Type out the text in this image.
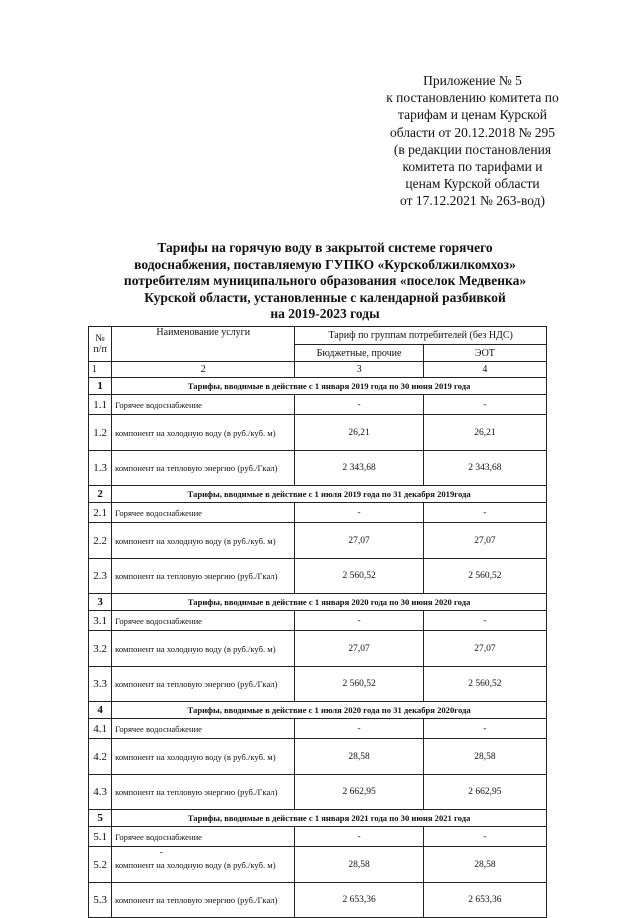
Приложение № 5
к постановлению комитета по
тарифам и ценам Курской
области от 20.12.2018 № 295
(в редакции постановления
комитета по тарифами и
ценам Курской области
от 17.12.2021 № 263-вод)
Тарифы на горячую воду в закрытой системе горячего
водоснабжения, поставляемую ГУПКО «Курскоблжилкомхоз»
потребителям муниципального образования «поселок Медвенка»
Курской области, установленные с календарной разбивкой
на 2019-2023 годы
№ п/п	Наименование услуги	Тариф по группам потребителей (без НДС)	
		Бюджетные, прочие	ЭОТ
1	2	3	4
1	Тарифы, вводимые в действие с 1 января 2019 года по 30 июня 2019 года		
1.1	Горячее водоснабжение	-	-
1.2	компонент на холодную воду (в руб./куб. м)	26,21	26,21
1.3	компонент на тепловую энергию (руб./Гкал)	2 343,68	2 343,68
2	Тарифы, вводимые в действие с 1 июля 2019 года по 31 декабря 2019года		
2.1	Горячее водоснабжение	-	-
2.2	компонент на холодную воду (в руб./куб. м)	27,07	27,07
2.3	компонент на тепловую энергию (руб./Гкал)	2 560,52	2 560,52
3	Тарифы, вводимые в действие с 1 января 2020 года по 30 июня 2020 года		
3.1	Горячее водоснабжение	-	-
3.2	компонент на холодную воду (в руб./куб. м)	27,07	27,07
3.3	компонент на тепловую энергию (руб./Гкал)	2 560,52	2 560,52
4	Тарифы, вводимые в действие с 1 июля 2020 года по 31 декабря 2020года		
4.1	Горячее водоснабжение	-	-
4.2	компонент на холодную воду (в руб./куб. м)	28,58	28,58
4.3	компонент на тепловую энергию (руб./Гкал)	2 662,95	2 662,95
5	Тарифы, вводимые в действие с 1 января 2021 года по 30 июня 2021 года		
5.1	Горячее водоснабжение	-	-
5.2	компонент на холодную воду (в руб./куб. м)	28,58	28,58
5.3	компонент на тепловую энергию (руб./Гкал)	2 653,36	2 653,36
